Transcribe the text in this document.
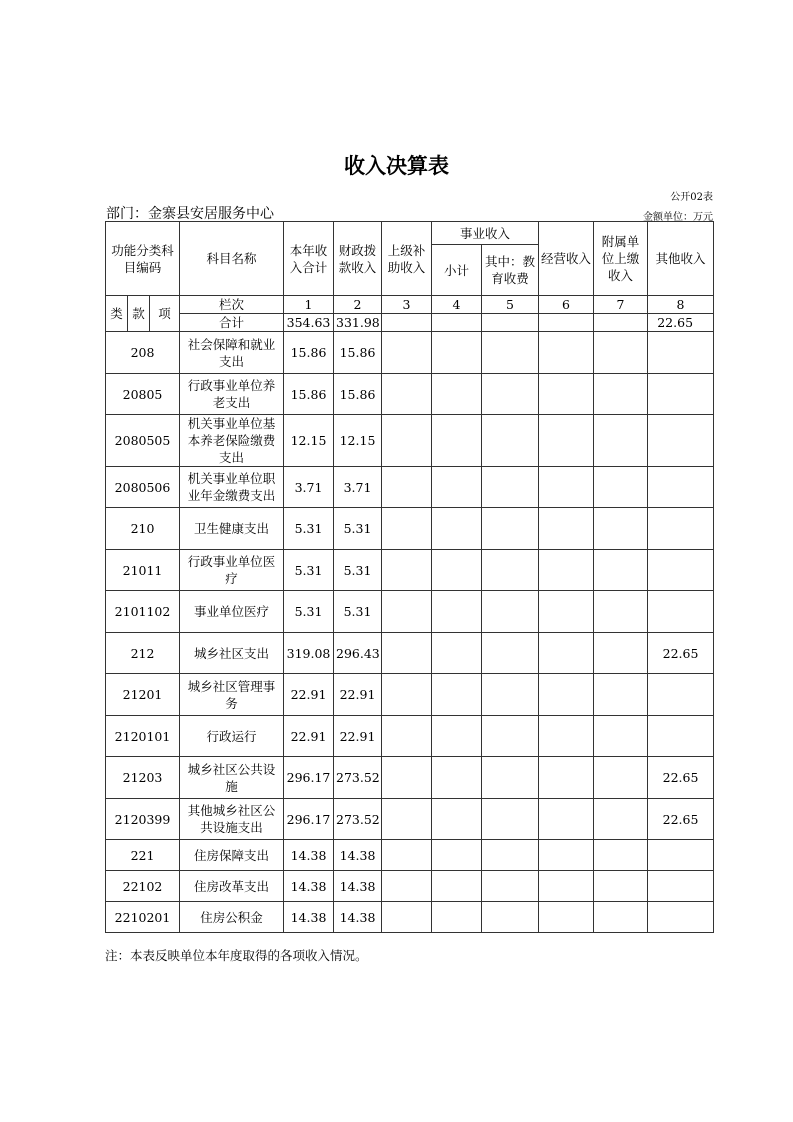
收入决算表
公开02表
部门：金寨县安居服务中心	金额单位：万元
功能分类科目编码			科目名称	本年收入合计	财政拨款收入	上级补助收入	事业收入		经营收入	附属单位上缴收入	其他收入
							小计	其中：教育收费			
类	款	项	栏次	1	2	3	4	5	6	7	8
			合计	354.63	331.98						22.65
208			社会保障和就业支出	15.86	15.86						
20805			行政事业单位养老支出	15.86	15.86						
2080505			机关事业单位基本养老保险缴费支出	12.15	12.15						
2080506			机关事业单位职业年金缴费支出	3.71	3.71						
210			卫生健康支出	5.31	5.31						
21011			行政事业单位医疗	5.31	5.31						
2101102			事业单位医疗	5.31	5.31						
212			城乡社区支出	319.08	296.43						22.65
21201			城乡社区管理事务	22.91	22.91						
2120101			行政运行	22.91	22.91						
21203			城乡社区公共设施	296.17	273.52						22.65
2120399			其他城乡社区公共设施支出	296.17	273.52						22.65
221			住房保障支出	14.38	14.38						
22102			住房改革支出	14.38	14.38						
2210201			住房公积金	14.38	14.38						
注：本表反映单位本年度取得的各项收入情况。
